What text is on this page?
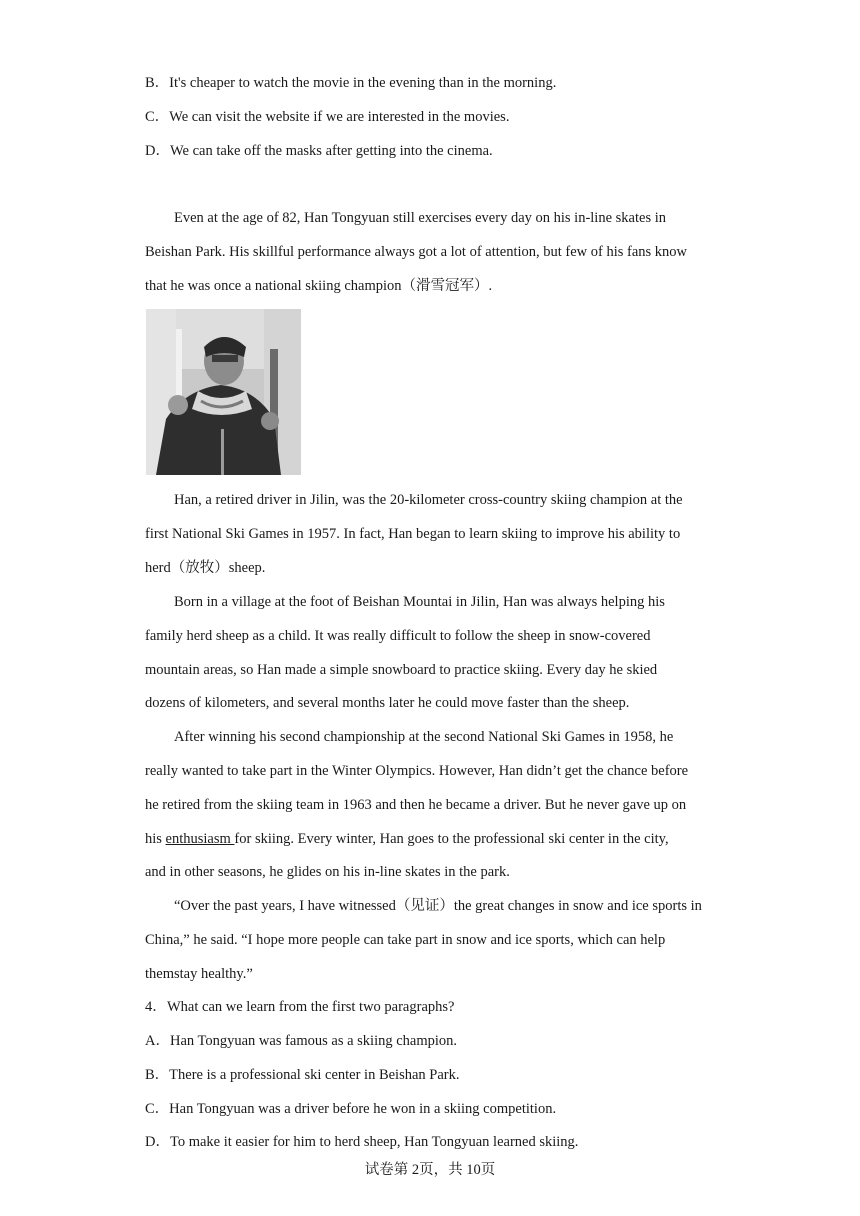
B．It's cheaper to watch the movie in the evening than in the morning.
C．We can visit the website if we are interested in the movies.
D．We can take off the masks after getting into the cinema.
Even at the age of 82, Han Tongyuan still exercises every day on his in-line skates in
Beishan Park. His skillful performance always got a lot of attention, but few of his fans know
that he was once a national skiing champion（滑雪冠军）.
Han, a retired driver in Jilin, was the 20-kilometer cross-country skiing champion at the
first National Ski Games in 1957. In fact, Han began to learn skiing to improve his ability to
herd（放牧）sheep.
Born in a village at the foot of Beishan Mountai in Jilin, Han was always helping his
family herd sheep as a child. It was really difficult to follow the sheep in snow-covered
mountain areas, so Han made a simple snowboard to practice skiing. Every day he skied
dozens of kilometers, and several months later he could move faster than the sheep.
After winning his second championship at the second National Ski Games in 1958, he
really wanted to take part in the Winter Olympics. However, Han didn’t get the chance before
he retired from the skiing team in 1963 and then he became a driver. But he never gave up on
his enthusiasm for skiing. Every winter, Han goes to the professional ski center in the city,
and in other seasons, he glides on his in-line skates in the park.
“Over the past years, I have witnessed（见证）the great changes in snow and ice sports in
China,” he said. “I hope more people can take part in snow and ice sports, which can help
themstay healthy.”
4．What can we learn from the first two paragraphs?
A．Han Tongyuan was famous as a skiing champion.
B．There is a professional ski center in Beishan Park.
C．Han Tongyuan was a driver before he won in a skiing competition.
D．To make it easier for him to herd sheep, Han Tongyuan learned skiing.
试卷第 2页，共 10页
